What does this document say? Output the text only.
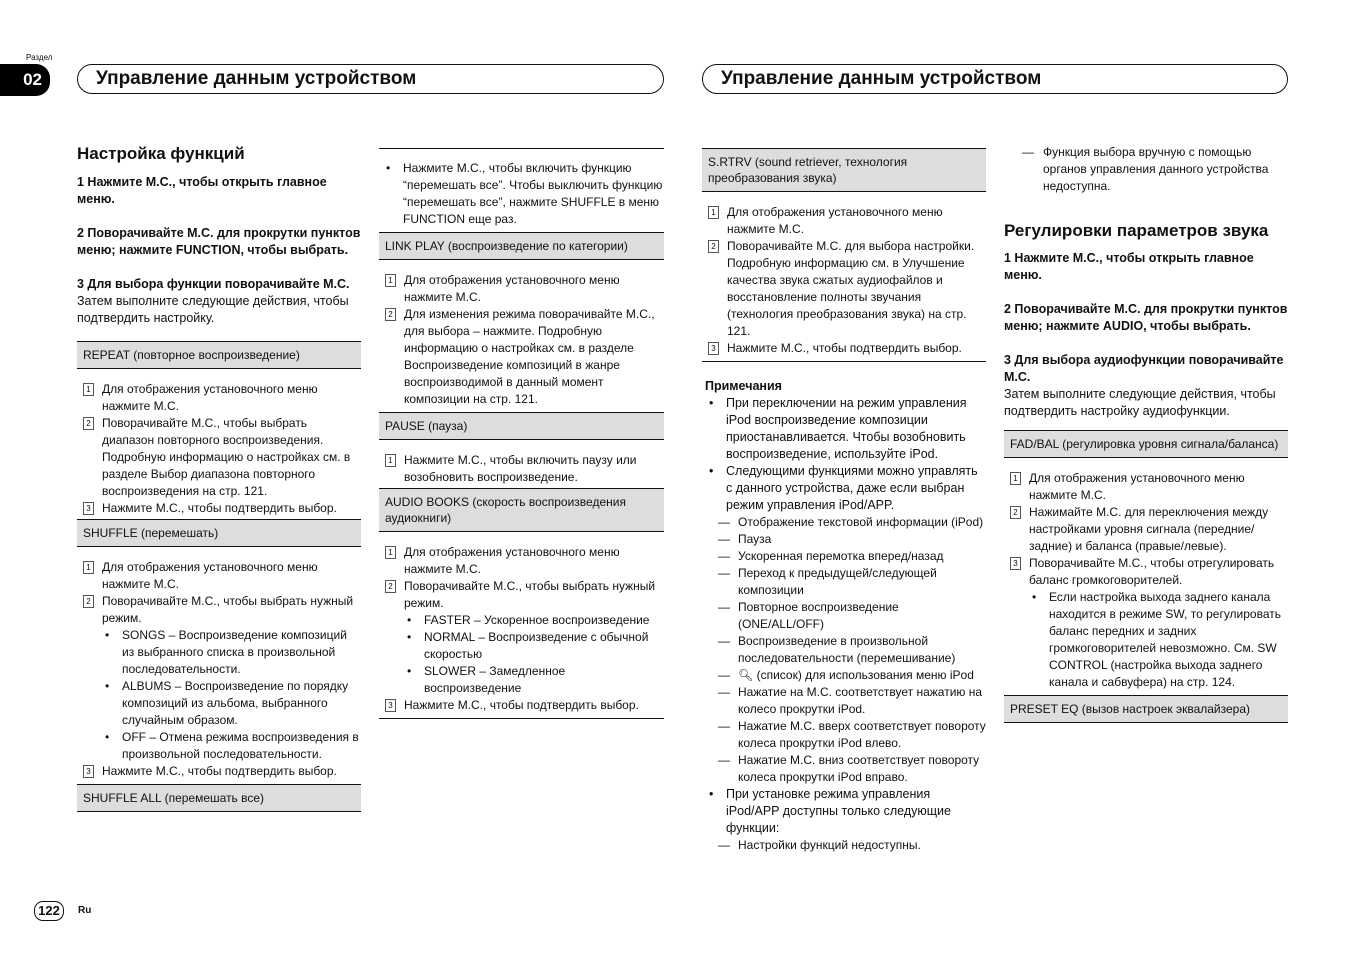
Раздел
02	Управление данным устройством	Управление данным устройством
Настройка функций

1 Нажмите M.C., чтобы открыть главное меню.

2 Поворачивайте M.C. для прокрутки пунктов меню; нажмите FUNCTION, чтобы выбрать.

3 Для выбора функции поворачивайте M.C.

Затем выполните следующие действия, чтобы подтвердить настройку.

REPEAT (повторное воспроизведение)
1 Для отображения установочного меню нажмите M.C.
2 Поворачивайте M.C., чтобы выбрать диапазон повторного воспроизведения. Подробную информацию о настройках см. в разделе Выбор диапазона повторного воспроизведения на стр. 121.
3 Нажмите M.C., чтобы подтвердить выбор.
SHUFFLE (перемешать)
1 Для отображения установочного меню нажмите M.C.
2 Поворачивайте M.C., чтобы выбрать нужный режим.
• SONGS – Воспроизведение композиций из выбранного списка в произвольной последовательности.
• ALBUMS – Воспроизведение по порядку композиций из альбома, выбранного случайным образом.
• OFF – Отмена режима воспроизведения в произвольной последовательности.
3 Нажмите M.C., чтобы подтвердить выбор.
SHUFFLE ALL (перемешать все)
• Нажмите M.C., чтобы включить функцию “перемешать все”. Чтобы выключить функцию “перемешать все”, нажмите SHUFFLE в меню FUNCTION еще раз.
LINK PLAY (воспроизведение по категории)
1 Для отображения установочного меню нажмите M.C.
2 Для изменения режима поворачивайте M.C., для выбора – нажмите. Подробную информацию о настройках см. в разделе Воспроизведение композиций в жанре воспроизводимой в данный момент композиции на стр. 121.
PAUSE (пауза)
1 Нажмите M.C., чтобы включить паузу или возобновить воспроизведение.
AUDIO BOOKS (скорость воспроизведения аудиокниги)
1 Для отображения установочного меню нажмите M.C.
2 Поворачивайте M.C., чтобы выбрать нужный режим.
• FASTER – Ускоренное воспроизведение
• NORMAL – Воспроизведение с обычной скоростью
• SLOWER – Замедленное воспроизведение
3 Нажмите M.C., чтобы подтвердить выбор.
S.RTRV (sound retriever, технология преобразования звука)
1 Для отображения установочного меню нажмите M.C.
2 Поворачивайте M.C. для выбора настройки. Подробную информацию см. в Улучшение качества звука сжатых аудиофайлов и восстановление полноты звучания (технология преобразования звука) на стр. 121.
3 Нажмите M.C., чтобы подтвердить выбор.

Примечания

• При переключении на режим управления iPod воспроизведение композиции приостанавливается. Чтобы возобновить воспроизведение, используйте iPod.
• Следующими функциями можно управлять с данного устройства, даже если выбран режим управления iPod/APP.
— Отображение текстовой информации (iPod)
— Пауза
— Ускоренная перемотка вперед/назад
— Переход к предыдущей/следующей композиции
— Повторное воспроизведение (ONE/ALL/OFF)
— Воспроизведение в произвольной последовательности (перемешивание)
— 🔍︎ (список) для использования меню iPod
— Нажатие на M.C. соответствует нажатию на колесо прокрутки iPod.
— Нажатие M.C. вверх соответствует повороту колеса прокрутки iPod влево.
— Нажатие M.C. вниз соответствует повороту колеса прокрутки iPod вправо.
• При установке режима управления iPod/APP доступны только следующие функции:
— Настройки функций недоступны.
— Функция выбора вручную с помощью органов управления данного устройства недоступна.
Регулировки параметров звука

1 Нажмите M.C., чтобы открыть главное меню.

2 Поворачивайте M.C. для прокрутки пунктов меню; нажмите AUDIO, чтобы выбрать.

3 Для выбора аудиофункции поворачивайте M.C.

Затем выполните следующие действия, чтобы подтвердить настройку аудиофункции.

FAD/BAL (регулировка уровня сигнала/баланса)
1 Для отображения установочного меню нажмите M.C.
2 Нажимайте M.C. для переключения между настройками уровня сигнала (передние/задние) и баланса (правые/левые).
3 Поворачивайте M.C., чтобы отрегулировать баланс громкоговорителей.
• Если настройка выхода заднего канала находится в режиме SW, то регулировать баланс передних и задних громкоговорителей невозможно. См. SW CONTROL (настройка выхода заднего канала и сабвуфера) на стр. 124.
PRESET EQ (вызов настроек эквалайзера)
122	Ru
